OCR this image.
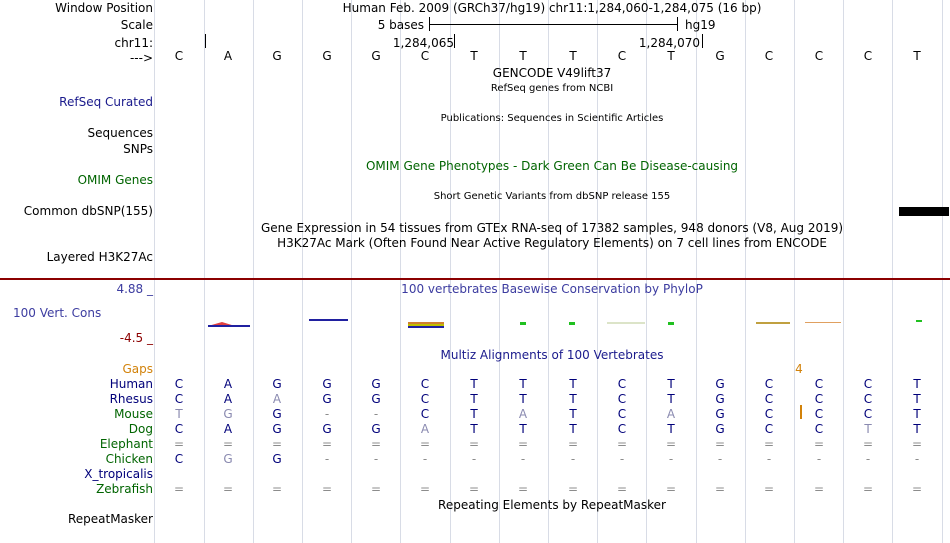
Window Position	Human Feb. 2009 (GRCh37/hg19) chr11:1,284,060-1,284,075 (16 bp)
Scale	5 bases	hg19
chr11:	1,284,065	1,284,070
---> C	A	G	G	G	C	T	T	T	C	T	G	C	C	C	T
GENCODE V49lift37
RefSeq genes from NCBI
RefSeq Curated
Publications: Sequences in Scientific Articles
Sequences
SNPs
OMIM Gene Phenotypes - Dark Green Can Be Disease-causing
OMIM Genes
Short Genetic Variants from dbSNP release 155
Common dbSNP(155)
Gene Expression in 54 tissues from GTEx RNA-seq of 17382 samples, 948 donors (V8, Aug 2019)
H3K27Ac Mark (Often Found Near Active Regulatory Elements) on 7 cell lines from ENCODE
Layered H3K27Ac
4.88 _	100 vertebrates Basewise Conservation by PhyloP
100 Vert. Cons
-4.5 _
Multiz Alignments of 100 Vertebrates
Gaps	4
Human C	A	G	G	G	C	T	T	T	C	T	G	C	C	C	T
Rhesus C	A	A	G	G	C	T	T	T	C	T	G	C	C	C	T
Mouse T	G	G	-	-	C	T	A	T	C	A	G	C	C	C	T
Dog C	A	G	G	G	A	T	T	T	C	T	G	C	C	T	T
Elephant =	=	=	=	=	=	=	=	=	=	=	=	=	=	=	=
Chicken C	G	G	-	-	-	-	-	-	-	-	-	-	-	-	-
X_tropicalis
Zebrafish =	=	=	=	=	=	=	=	=	=	=	=	=	=	=	=
Repeating Elements by RepeatMasker
RepeatMasker
